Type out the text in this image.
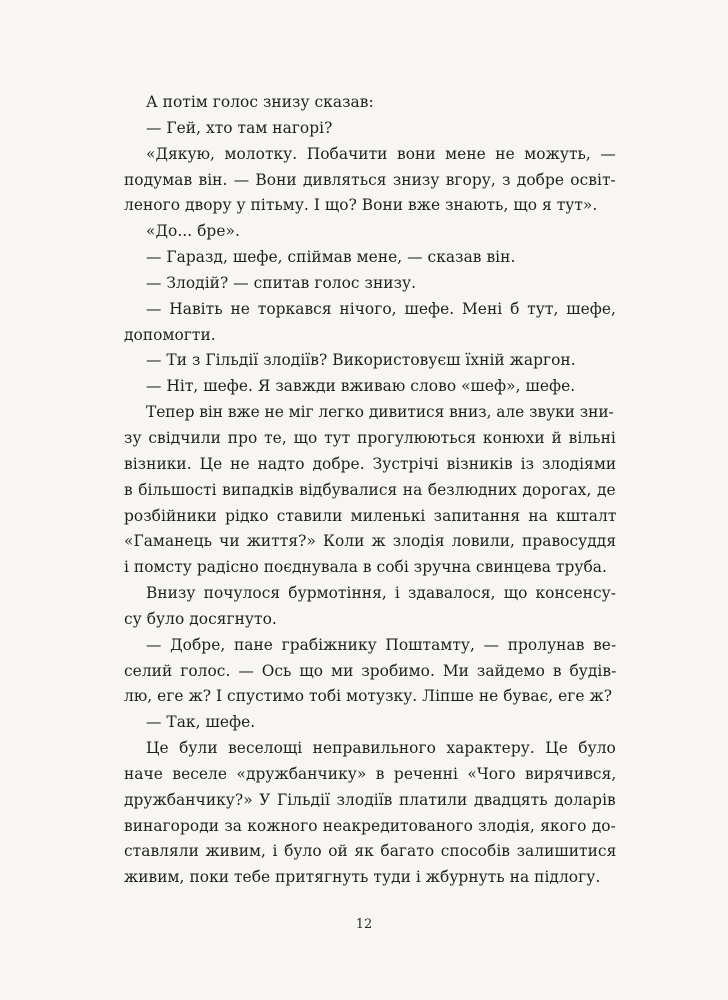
А потім голос знизу сказав:
— Гей, хто там нагорі?
«Дякую, молотку. Побачити вони мене не можуть, —
подумав він. — Вони дивляться знизу вгору, з добре освіт-
леного двору у пітьму. І що? Вони вже знають, що я тут».
«До... бре».
— Гаразд, шефе, спіймав мене, — сказав він.
— Злодій? — спитав голос знизу.
— Навіть не торкався нічого, шефе. Мені б тут, шефе,
допомогти.
— Ти з Гільдії злодіїв? Використовуєш їхній жаргон.
— Ніт, шефе. Я завжди вживаю слово «шеф», шефе.
Тепер він вже не міг легко дивитися вниз, але звуки зни-
зу свідчили про те, що тут прогулюються конюхи й вільні
візники. Це не надто добре. Зустрічі візників із злодіями
в більшості випадків відбувалися на безлюдних дорогах, де
розбійники рідко ставили миленькі запитання на кшталт
«Гаманець чи життя?» Коли ж злодія ловили, правосуддя
і помсту радісно поєднувала в собі зручна свинцева труба.
Внизу почулося бурмотіння, і здавалося, що консенсу-
су було досягнуто.
— Добре, пане грабіжнику Поштамту, — пролунав ве-
селий голос. — Ось що ми зробимо. Ми зайдемо в будів-
лю, еге ж? І спустимо тобі мотузку. Ліпше не буває, еге ж?
— Так, шефе.
Це були веселощі неправильного характеру. Це було
наче веселе «дружбанчику» в реченні «Чого вирячився,
дружбанчику?» У Гільдії злодіїв платили двадцять доларів
винагороди за кожного неакредитованого злодія, якого до-
ставляли живим, і було ой як багато способів залишитися
живим, поки тебе притягнуть туди і жбурнуть на підлогу.
12
